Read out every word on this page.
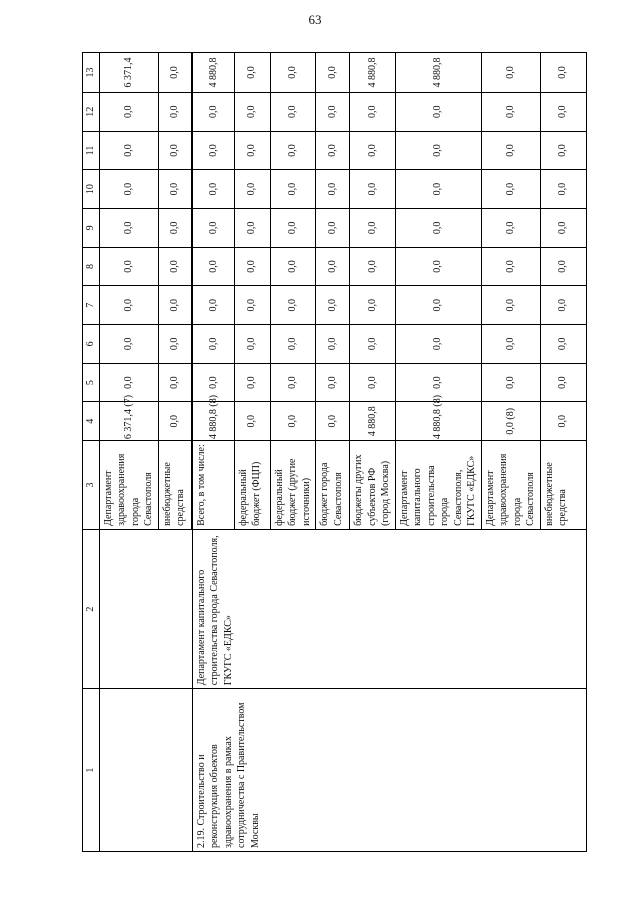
63
1	2	3	4	5	6	7	8	9	10	11	12	13
		Департамент здравоохранения города Севастополя	6 371,4 (7)	0,0	0,0	0,0	0,0	0,0	0,0	0,0	0,0	6 371,4
		внебюджетные средства	0,0	0,0	0,0	0,0	0,0	0,0	0,0	0,0	0,0	0,0
2.19. Строительство и реконструкция объектов здравоохранения в рамках сотрудничества с Правительством Москвы	Департамент капитального строительства города Севастополя, ГКУГС «ЕДКС»	Всего, в том числе:	4 880,8 (8)	0,0	0,0	0,0	0,0	0,0	0,0	0,0	0,0	4 880,8
		федеральный бюджет (ФЦП)	0,0	0,0	0,0	0,0	0,0	0,0	0,0	0,0	0,0	0,0
		федеральный бюджет (другие источники)	0,0	0,0	0,0	0,0	0,0	0,0	0,0	0,0	0,0	0,0
		бюджет города Севастополя	0,0	0,0	0,0	0,0	0,0	0,0	0,0	0,0	0,0	0,0
		бюджеты других субъектов РФ (город Москва)	4 880,8	0,0	0,0	0,0	0,0	0,0	0,0	0,0	0,0	4 880,8
		Департамент капитального строительства города Севастополя, ГКУГС «ЕДКС»	4 880,8 (8)	0,0	0,0	0,0	0,0	0,0	0,0	0,0	0,0	4 880,8
		Департамент здравоохранения города Севастополя	0,0 (8)	0,0	0,0	0,0	0,0	0,0	0,0	0,0	0,0	0,0
		внебюджетные средства	0,0	0,0	0,0	0,0	0,0	0,0	0,0	0,0	0,0	0,0
